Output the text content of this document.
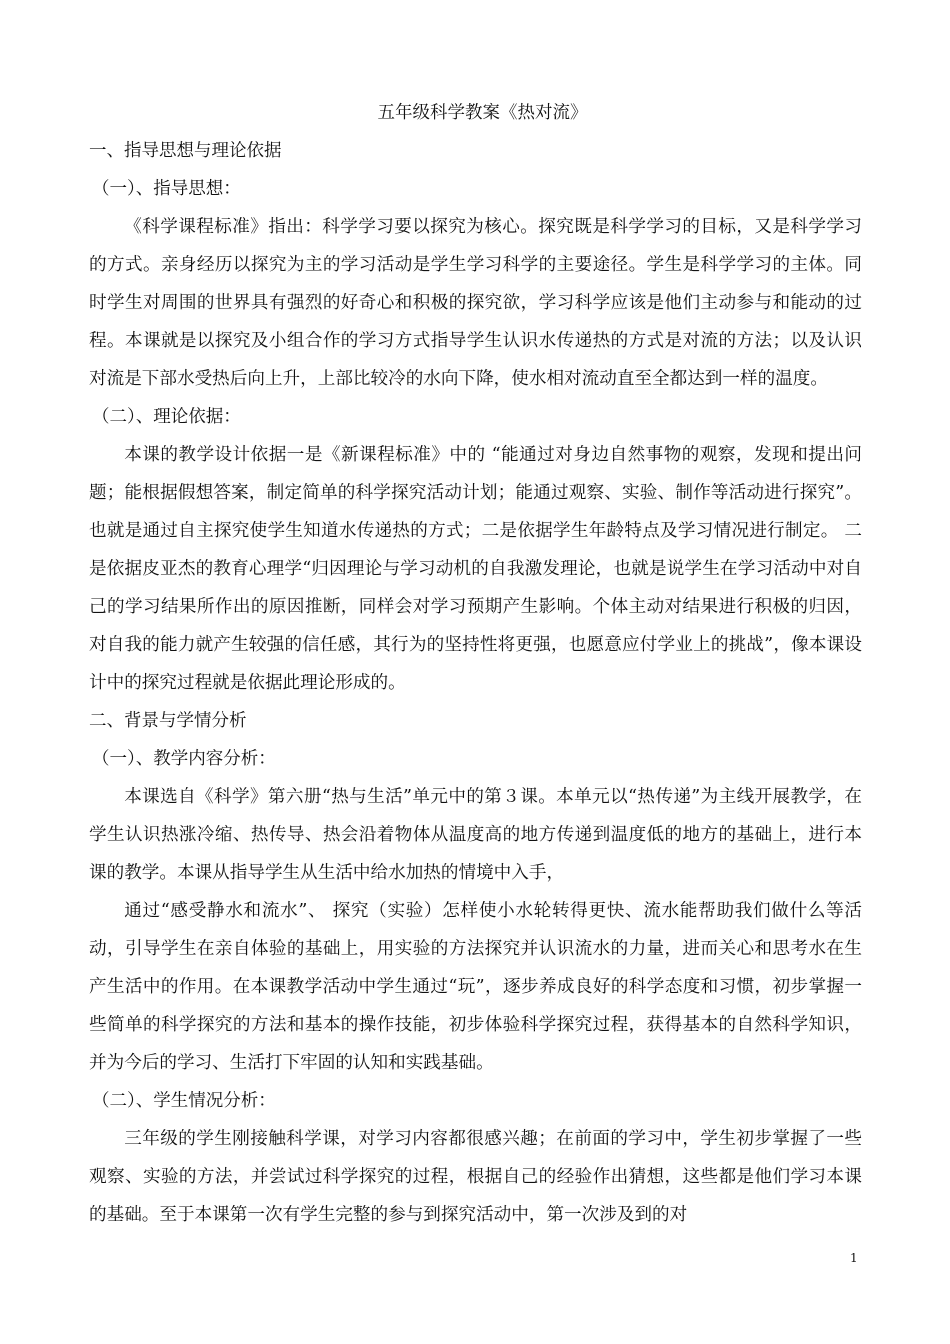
五年级科学教案《热对流》

一、指导思想与理论依据

（一）、指导思想：

《科学课程标准》指出：科学学习要以探究为核心。探究既是科学学习的目标，又是科学学习的方式。亲身经历以探究为主的学习活动是学生学习科学的主要途径。学生是科学学习的主体。同时学生对周围的世界具有强烈的好奇心和积极的探究欲，学习科学应该是他们主动参与和能动的过程。本课就是以探究及小组合作的学习方式指导学生认识水传递热的方式是对流的方法；以及认识对流是下部水受热后向上升，上部比较冷的水向下降，使水相对流动直至全都达到一样的温度。

（二）、理论依据：

本课的教学设计依据一是《新课程标准》中的 “能通过对身边自然事物的观察，发现和提出问题；能根据假想答案，制定简单的科学探究活动计划；能通过观察、实验、制作等活动进行探究”。也就是通过自主探究使学生知道水传递热的方式；二是依据学生年龄特点及学习情况进行制定。 二是依据皮亚杰的教育心理学“归因理论与学习动机的自我激发理论，也就是说学生在学习活动中对自己的学习结果所作出的原因推断，同样会对学习预期产生影响。个体主动对结果进行积极的归因，对自我的能力就产生较强的信任感，其行为的坚持性将更强，也愿意应付学业上的挑战”，像本课设计中的探究过程就是依据此理论形成的。

二、背景与学情分析

（一）、教学内容分析：

本课选自《科学》第六册“热与生活”单元中的第３课。本单元以“热传递”为主线开展教学，在学生认识热涨冷缩、热传导、热会沿着物体从温度高的地方传递到温度低的地方的基础上，进行本课的教学。本课从指导学生从生活中给水加热的情境中入手，

通过“感受静水和流水”、 探究（实验）怎样使小水轮转得更快、流水能帮助我们做什么等活动，引导学生在亲自体验的基础上，用实验的方法探究并认识流水的力量，进而关心和思考水在生产生活中的作用。在本课教学活动中学生通过“玩”，逐步养成良好的科学态度和习惯，初步掌握一些简单的科学探究的方法和基本的操作技能，初步体验科学探究过程，获得基本的自然科学知识，并为今后的学习、生活打下牢固的认知和实践基础。

（二）、学生情况分析：

三年级的学生刚接触科学课，对学习内容都很感兴趣；在前面的学习中，学生初步掌握了一些观察、实验的方法，并尝试过科学探究的过程，根据自己的经验作出猜想，这些都是他们学习本课的基础。至于本课第一次有学生完整的参与到探究活动中，第一次涉及到的对

1
